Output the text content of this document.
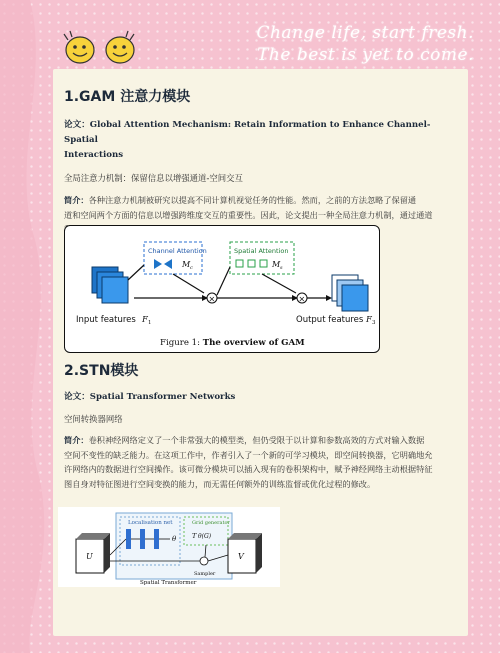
Change life, start fresh.
The best is yet to come.
1.GAM 注意力模块
论文：Global Attention Mechanism: Retain Information to Enhance Channel-Spatial
Interactions
全局注意力机制：保留信息以增强通道-空间交互
简介：各种注意力机制被研究以提高不同计算机视觉任务的性能。然而，之前的方法忽略了保留通
道和空间两个方面的信息以增强跨维度交互的重要性。因此，论文提出一种全局注意力机制，通过通道

Channel Attention
M c
Spatial Attention
M s
×	×
Input features F 1	Output features F 3
Figure 1: The overview of GAM
2.STN模块
论文：Spatial Transformer Networks
空间转换器网络
简介：卷积神经网络定义了一个非常强大的模型类，但仍受限于以计算和参数高效的方式对输入数据
空间不变性的缺乏能力。在这项工作中，作者引入了一个新的可学习模块，即空间转换器，它明确地允
许网络内的数据进行空间操作。该可微分模块可以插入现有的卷积架构中，赋予神经网络主动根据特征
图自身对特征图进行空间变换的能力，而无需任何额外的训练监督或优化过程的修改。
Localisation net
θ
Grid generator
T θ(G)
Sampler
U	V
Spatial Transformer
